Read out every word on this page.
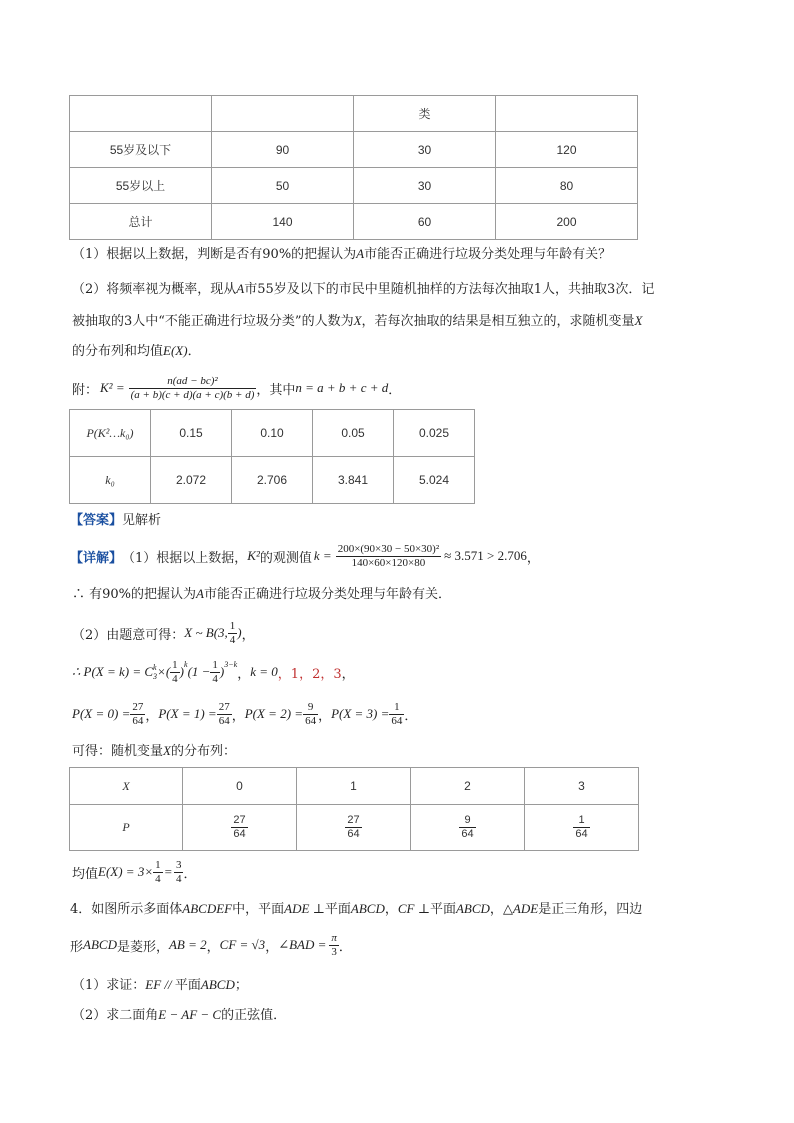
		类	
55岁及以下	90	30	120
55岁以上	50	30	80
总计	140	60	200
（1）根据以上数据，判断是否有90%的把握认为A市能否正确进行垃圾分类处理与年龄有关？
（2）将频率视为概率，现从A市55岁及以下的市民中里随机抽样的方法每次抽取1人，共抽取3次．记
被抽取的3人中“不能正确进行垃圾分类”的人数为X，若每次抽取的结果是相互独立的，求随机变量X
的分布列和均值E(X)．
附： $K^2 = \frac{\text{n(ad − bc)²}}{(a + b)(c + d)(a + c)(b + d)}$ ，其中 n = a + b + c + d ．
P(K²…k₀)	0.15	0.10	0.05	0.025
k₀	2.072	2.706	3.841	5.024
【答案】见解析
【详解】 （1）根据以上数据， K² 的观测值 $k = \frac{\text{200×(90×30 − 50×30)²}}{140\times 60\times 120\times 80} \approx 3.571 > 2.706$ ，
∴ 有90%的把握认为A市能否正确进行垃圾分类处理与年龄有关．
（2）由题意可得： X ~ B(3, $\frac{1}{4}$ ) ，
∴ P(X = k) = C k
3 ×( $\frac{1}{4} )^k$ $(1 - \frac{1}{4} )^{3-k}$
， k = 0 ，1 ，2 ，3 ，
$P(X = 0) = \frac{27}{64}$ ， $P(X = 1) = \frac{27}{64}$ ， $P(X = 2) = \frac{9}{64}$ ， $P(X = 3) = \frac{1}{64}$ ．
可得：随机变量X的分布列：
X	0	1	2	3
P	$\frac{27}{64}$	$\frac{27}{64}$	$\frac{9}{64}$	$\frac{1}{64}$
均值 $E(X) = 3\times \frac{1}{4} = \frac{3}{4}$ ．
4．如图所示多面体ABCDEF中，平面ADE ⊥平面ABCD，CF ⊥平面ABCD，△ADE是正三角形，四边
形 ABCD 是菱形， AB = 2 ， CF = √3 ， ∠BAD = $\frac{\pi}{3}$ ．
（1）求证：EF // 平面ABCD；
（2）求二面角E − AF − C的正弦值．
